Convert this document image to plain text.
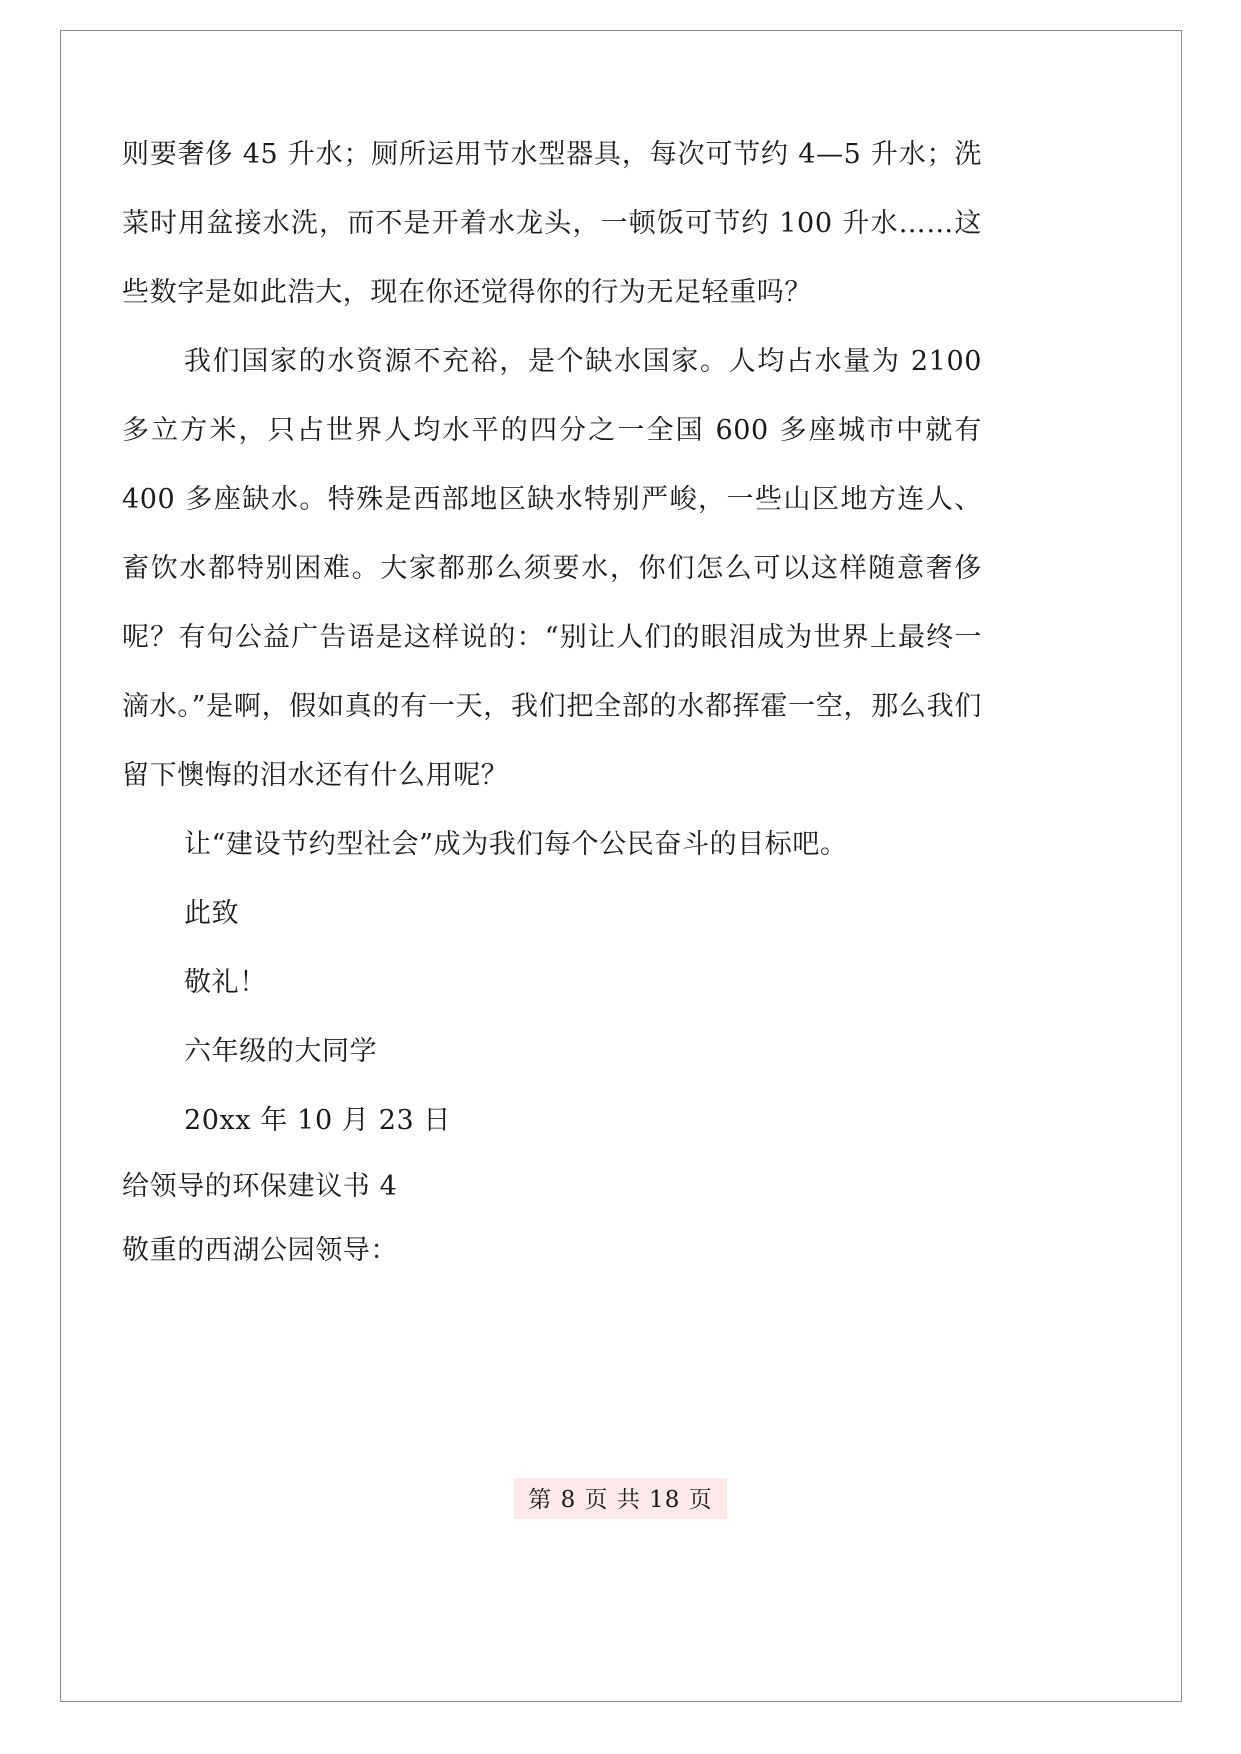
则要奢侈 45 升水；厕所运用节水型器具，每次可节约 4—5 升水；洗菜时用盆接水洗，而不是开着水龙头，一顿饭可节约 100 升水……这些数字是如此浩大，现在你还觉得你的行为无足轻重吗？

我们国家的水资源不充裕，是个缺水国家。人均占水量为 2100 多立方米，只占世界人均水平的四分之一全国 600 多座城市中就有 400 多座缺水。特殊是西部地区缺水特别严峻，一些山区地方连人、畜饮水都特别困难。大家都那么须要水，你们怎么可以这样随意奢侈呢？有句公益广告语是这样说的：“别让人们的眼泪成为世界上最终一滴水。”是啊，假如真的有一天，我们把全部的水都挥霍一空，那么我们留下懊悔的泪水还有什么用呢？

让“建设节约型社会”成为我们每个公民奋斗的目标吧。

此致

敬礼！

六年级的大同学

20xx 年 10 月 23 日

给领导的环保建议书 4

敬重的西湖公园领导：

第 8 页 共 18 页
